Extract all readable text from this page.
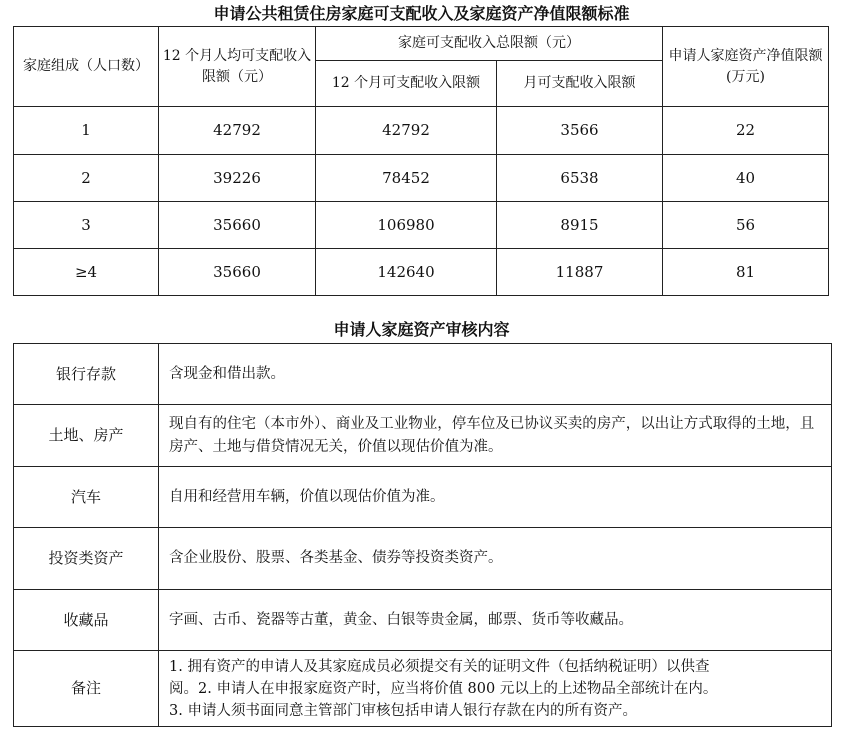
申请公共租赁住房家庭可支配收入及家庭资产净值限额标准
家庭组成（人口数）	12 个月人均可支配收入限额（元）	家庭可支配收入总限额（元）		申请人家庭资产净值限额(万元)
		12 个月可支配收入限额	月可支配收入限额	
1	42792	42792	3566	22
2	39226	78452	6538	40
3	35660	106980	8915	56
≥4	35660	142640	11887	81
申请人家庭资产审核内容
银行存款	含现金和借出款。
土地、房产	现自有的住宅（本市外）、商业及工业物业，停车位及已协议买卖的房产，以出让方式取得的土地，且房产、土地与借贷情况无关，价值以现估价值为准。
汽车	自用和经营用车辆，价值以现估价值为准。
投资类资产	含企业股份、股票、各类基金、债券等投资类资产。
收藏品	字画、古币、瓷器等古董，黄金、白银等贵金属，邮票、货币等收藏品。
备注	1. 拥有资产的申请人及其家庭成员必须提交有关的证明文件（包括纳税证明）以供查
阅。2. 申请人在申报家庭资产时，应当将价值 800 元以上的上述物品全部统计在内。
3. 申请人须书面同意主管部门审核包括申请人银行存款在内的所有资产。
